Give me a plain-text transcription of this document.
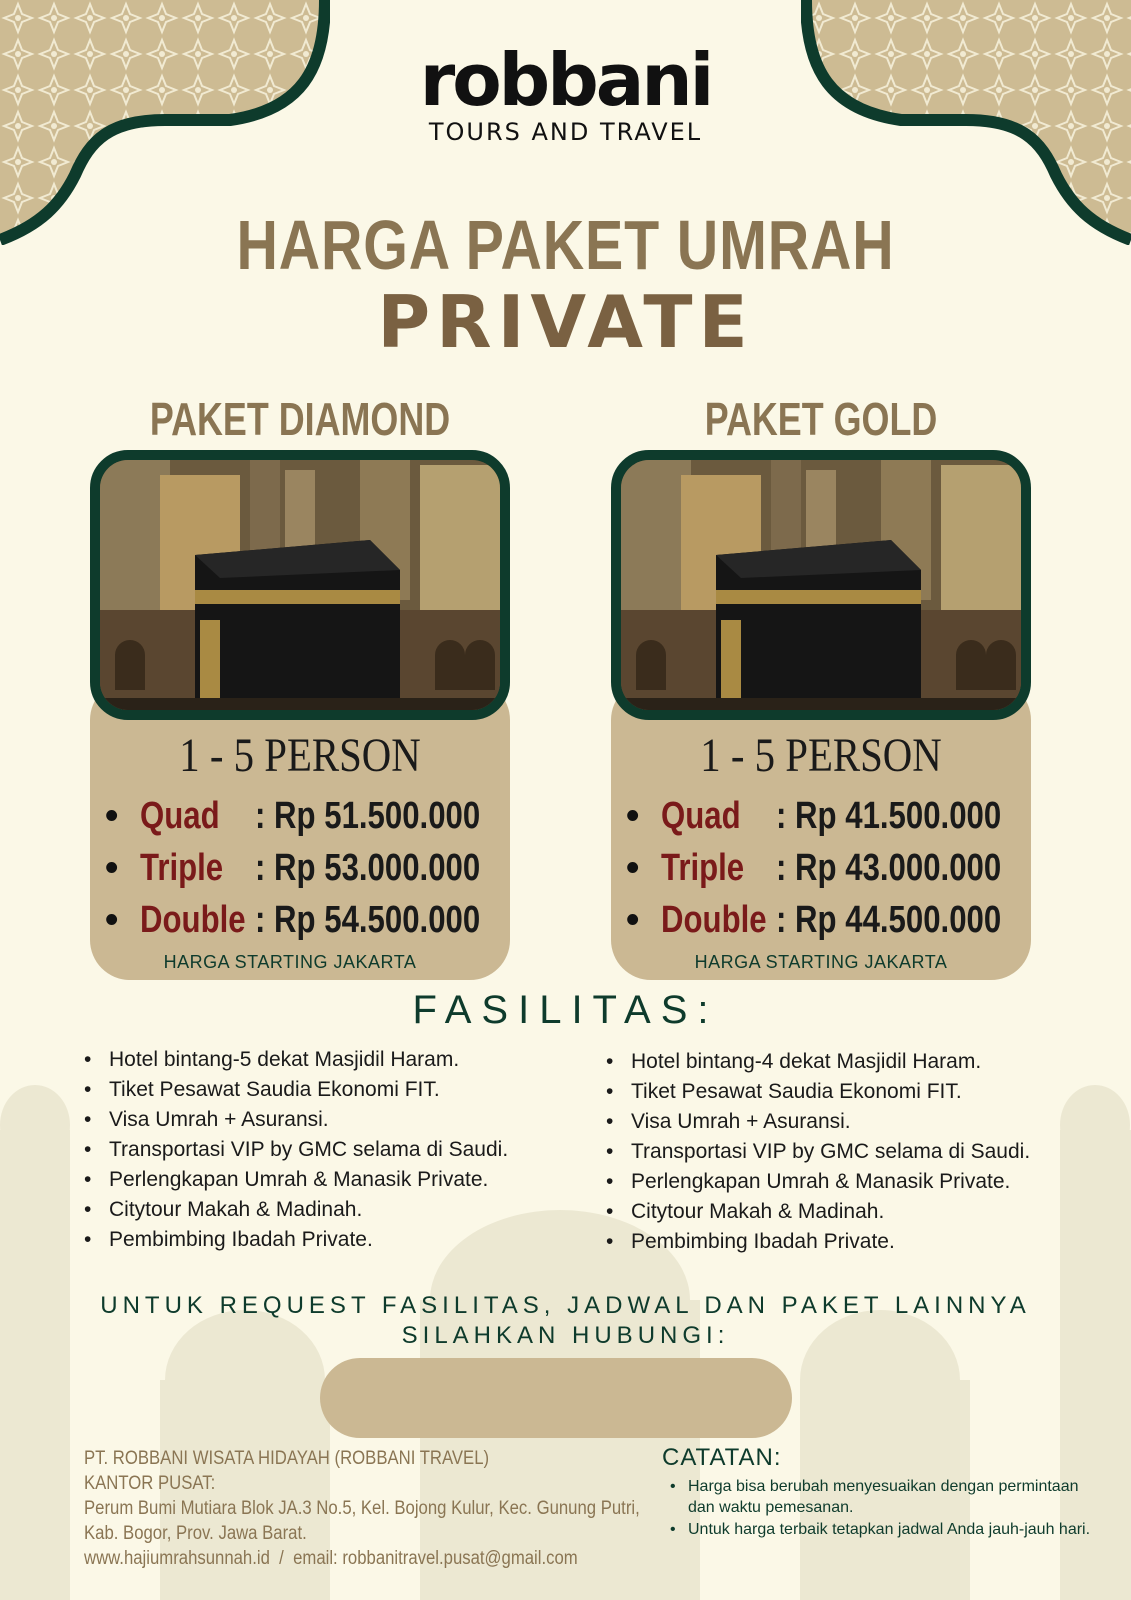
robbani
TOURS AND TRAVEL
HARGA PAKET UMRAH
PRIVATE
PAKET DIAMOND	PAKET GOLD
1 - 5 PERSON
• Quad : Rp 51.500.000
• Triple : Rp 53.000.000
• Double : Rp 54.500.000
HARGA STARTING JAKARTA
1 - 5 PERSON
• Quad : Rp 41.500.000
• Triple : Rp 43.000.000
• Double : Rp 44.500.000
HARGA STARTING JAKARTA
FASILITAS:
• Hotel bintang-5 dekat Masjidil Haram.
• Tiket Pesawat Saudia Ekonomi FIT.
• Visa Umrah + Asuransi.
• Transportasi VIP by GMC selama di Saudi.
• Perlengkapan Umrah & Manasik Private.
• Citytour Makah & Madinah.
• Pembimbing Ibadah Private.
• Hotel bintang-4 dekat Masjidil Haram.
• Tiket Pesawat Saudia Ekonomi FIT.
• Visa Umrah + Asuransi.
• Transportasi VIP by GMC selama di Saudi.
• Perlengkapan Umrah & Manasik Private.
• Citytour Makah & Madinah.
• Pembimbing Ibadah Private.
UNTUK REQUEST FASILITAS, JADWAL DAN PAKET LAINNYA
SILAHKAN HUBUNGI:
PT. ROBBANI WISATA HIDAYAH (ROBBANI TRAVEL)
KANTOR PUSAT:
Perum Bumi Mutiara Blok JA.3 No.5, Kel. Bojong Kulur, Kec. Gunung Putri,
Kab. Bogor, Prov. Jawa Barat.
www.hajiumrahsunnah.id  /  email: robbanitravel.pusat@gmail.com
CATATAN:
• Harga bisa berubah menyesuaikan dengan permintaan dan waktu pemesanan.
• Untuk harga terbaik tetapkan jadwal Anda jauh-jauh hari.
